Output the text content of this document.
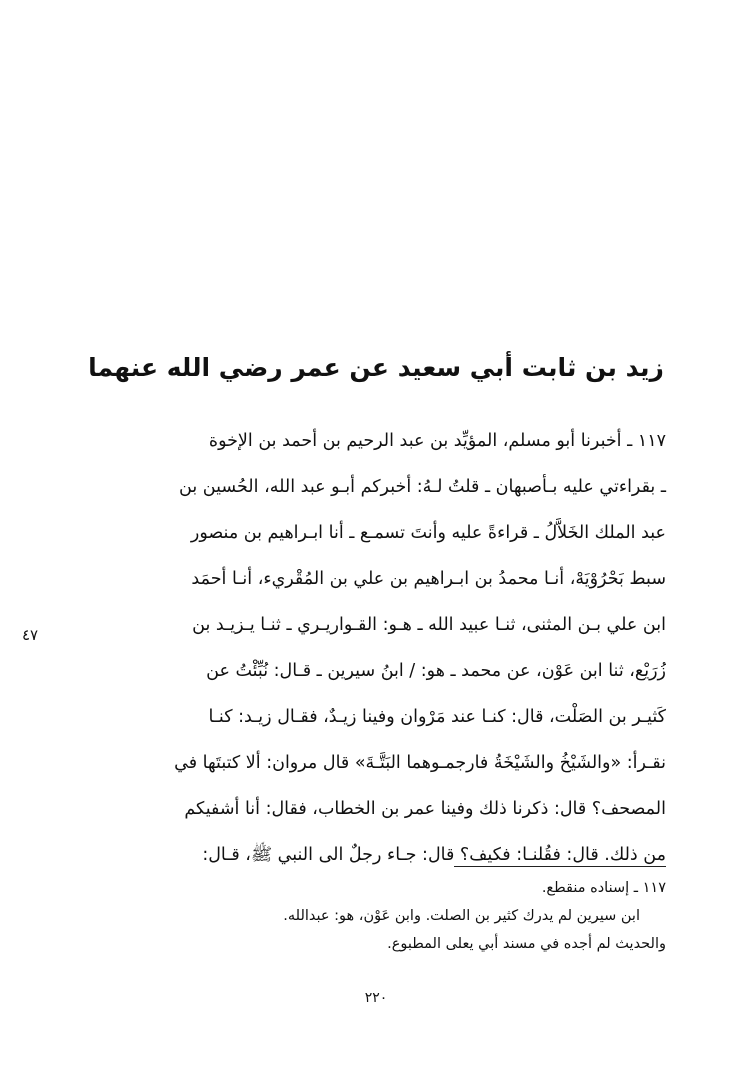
زيد بن ثابت أبي سعيد عن عمر رضي الله عنهما
١١٧ ـ أخبرنا أبو مسلم، المؤيِّد بن عبد الرحيم بن أحمد بن الإخوة
ـ بقراءتي عليه بـأصبهان ـ قلتُ لـهُ: أخبركم أبـو عبد الله، الحُسين بن
عبد الملك الخَلاَّلُ ـ قراءةً عليه وأنتَ تسمـع ـ أنا ابـراهيم بن منصور
سبط بَحْرُوْيَهْ، أنـا محمدُ بن ابـراهيم بن علي بن المُقْريء، أنـا أحمَد
ابن علي بـن المثنى، ثنـا عبيد الله ـ هـو: القـواريـري ـ ثنـا يـزيـد بن
زُرَيْع، ثنا ابن عَوْن، عن محمد ـ هو: / ابنُ سيرين ـ قـال: نُبِّئْتُ عن
كَثيـر بن الصَلْت، قال: كنـا عند مَرْوان وفينا زيـدٌ، فقـال زيـد: كنـا
نقـرأ: «والشَيْخُ والشَيْخَةُ فارجمـوهما البَتَّـةَ» قال مروان: ألا كتبتَها في
المصحف؟ قال: ذكرنا ذلك وفينا عمر بن الخطاب، فقال: أنا أشفيكم
من ذلك. قال: فقُلنـا: فكيف؟ قال: جـاء رجلٌ الى النبي ﷺ، قـال:
٤٧
١١٧ ـ إسناده منقطع.
ابن سيرين لم يدرك كثير بن الصلت. وابن عَوْن، هو: عبدالله.
والحديث لم أجده في مسند أبي يعلى المطبوع.
٢٢٠
